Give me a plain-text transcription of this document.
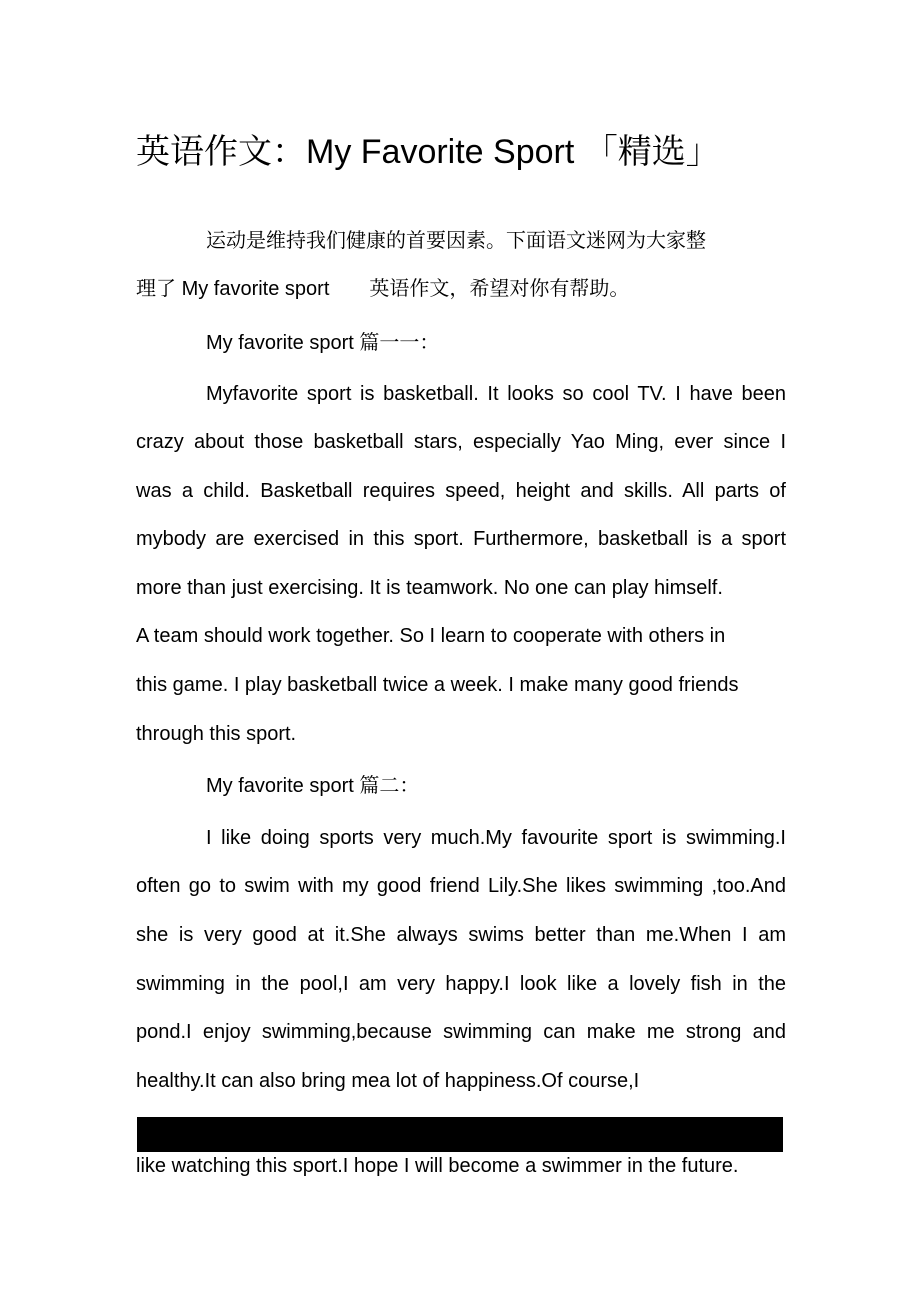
英语作文：My Favorite Sport 「精选」
运动是维持我们健康的首要因素。下面语文迷网为大家整
理了 My favorite sport 英语作文，希望对你有帮助。
My favorite sport 篇一一：
Myfavorite sport is basketball. It looks so cool TV. I have been
crazy about those basketball stars, especially Yao Ming, ever since I
was a child. Basketball requires speed, height and skills. All parts of
mybody are exercised in this sport. Furthermore, basketball is a sport
more than just exercising. It is teamwork. No one can play himself.
A team should work together. So I learn to cooperate with others in
this game. I play basketball twice a week. I make many good friends
through this sport.
My favorite sport 篇二：
I like doing sports very much.My favourite sport is swimming.I
often go to swim with my good friend Lily.She likes swimming ,too.And
she is very good at it.She always swims better than me.When I am
swimming in the pool,I am very happy.I look like a lovely fish in the
pond.I enjoy swimming,because swimming can make me strong and
healthy.It can also bring mea lot of happiness.Of course,I
like watching this sport.I hope I will become a swimmer in the future.
